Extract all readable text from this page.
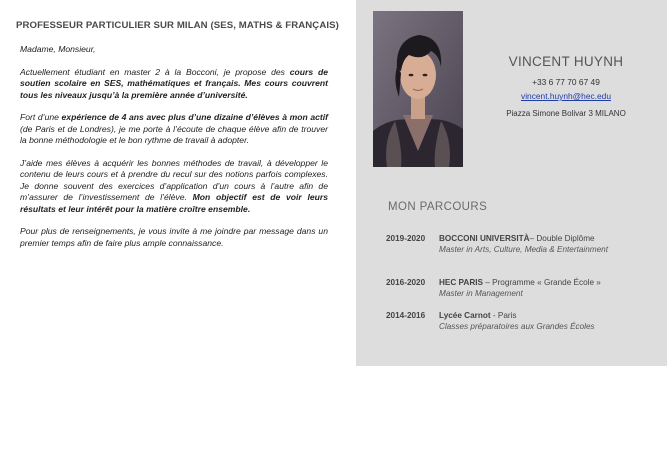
PROFESSEUR PARTICULIER SUR MILAN (SES, MATHS & FRANÇAIS)

Madame, Monsieur,

Actuellement étudiant en master 2 à la Bocconi, je propose des cours de soutien scolaire en SES, mathématiques et français. Mes cours couvrent tous les niveaux jusqu’à la première année d’université.

Fort d’une expérience de 4 ans avec plus d’une dizaine d’élèves à mon actif (de Paris et de Londres), je me porte à l’écoute de chaque élève afin de trouver la bonne méthodologie et le bon rythme de travail à adopter.

J’aide mes élèves à acquérir les bonnes méthodes de travail, à développer le contenu de leurs cours et à prendre du recul sur des notions parfois complexes. Je donne souvent des exercices d’application d’un cours à l’autre afin de m’assurer de l’investissement de l’élève. Mon objectif est de voir leurs résultats et leur intérêt pour la matière croître ensemble.

Pour plus de renseignements, je vous invite à me joindre par message dans un premier temps afin de faire plus ample connaissance.

VINCENT HUYNH
+33 6 77 70 67 49
vincent.huynh@hec.edu
Piazza Simone Bolivar 3 MILANO
MON PARCOURS
2019-2020 BOCCONI UNIVERSITÀ– Double Diplôme
Master in Arts, Culture, Media & Entertainment
2016-2020 HEC PARIS – Programme « Grande École »
Master in Management
2014-2016 Lycée Carnot - Paris
Classes préparatoires aux Grandes Écoles
